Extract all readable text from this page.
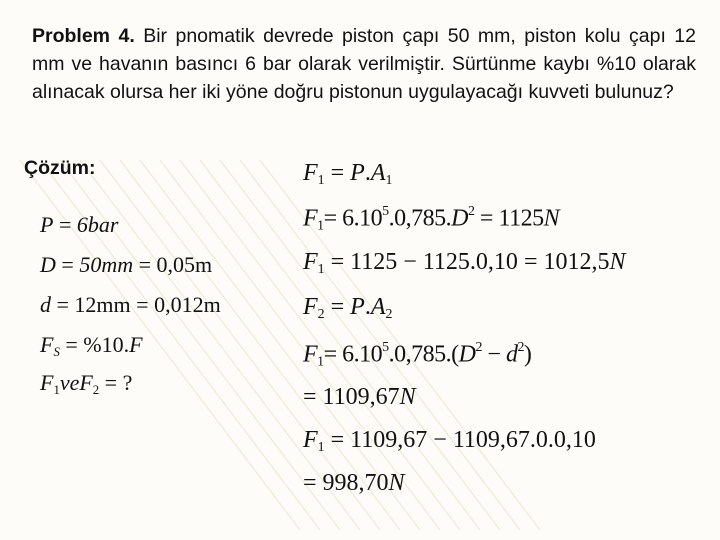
Problem 4. Bir pnomatik devrede piston çapı 50 mm, piston kolu çapı 12 mm ve havanın basıncı 6 bar olarak verilmiştir. Sürtünme kaybı %10 olarak alınacak olursa her iki yöne doğru pistonun uygulayacağı kuvveti bulunuz?
Çözüm:
P = 6bar
D = 50mm = 0,05m
d = 12mm = 0,012m
$F_S = \%10.F$
$F_1veF_2$ = ?
$F_1 = P.A_1$
$F_1= 6.10^5.0,785.D^2 = 1125N$
$F_1 = 1125 - 1125.0,10 = 1012,5N$
$F_2 = P.A_2$
$F_1= 6.10^5.0,785.(D^2 - d^2)$
= 1109,67N
$F_1 = 1109,67 - 1109,67.0.0,10$
= 998,70N
